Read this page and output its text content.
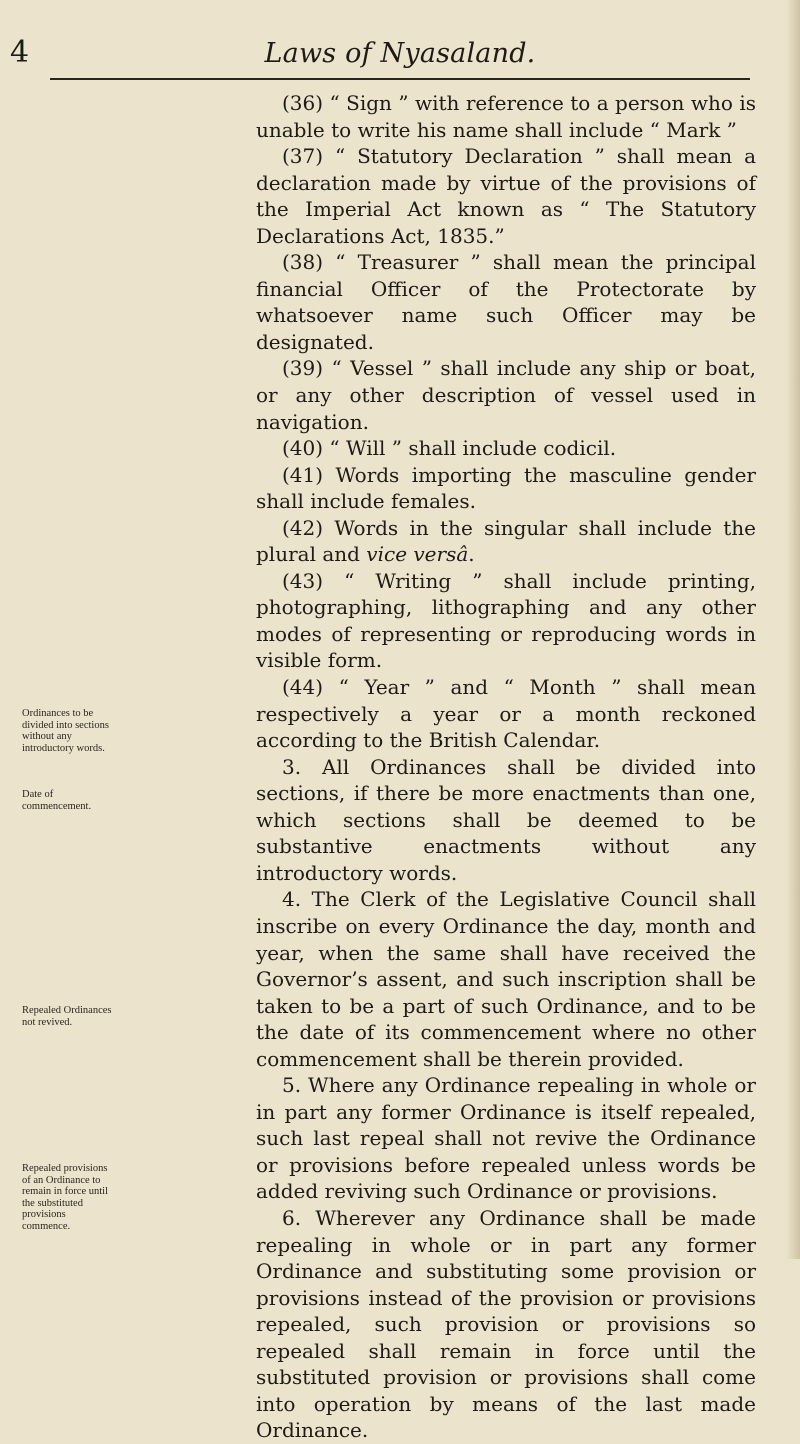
4	Laws of Nyasaland.

(36) “ Sign ” with reference to a person who is unable to write his name shall include “ Mark ”

(37) “ Statutory Declaration ” shall mean a declaration made by virtue of the provisions of the Imperial Act known as “ The Statutory Declarations Act, 1835.”

(38) “ Treasurer ” shall mean the principal financial Officer of the Protectorate by whatsoever name such Officer may be designated.

(39) “ Vessel ” shall include any ship or boat, or any other description of vessel used in navigation.

(40) “ Will ” shall include codicil.

(41) Words importing the masculine gender shall include females.

(42) Words in the singular shall include the plural and vice versâ.

(43) “ Writing ” shall include printing, photographing, lithographing and any other modes of representing or reproducing words in visible form.

(44) “ Year ” and “ Month ” shall mean respectively a year or a month reckoned according to the British Calendar.

3. All Ordinances shall be divided into sections, if there be more enactments than one, which sections shall be deemed to be substantive enactments without any introductory words.

4. The Clerk of the Legislative Council shall inscribe on every Ordinance the day, month and year, when the same shall have received the Governor’s assent, and such inscription shall be taken to be a part of such Ordinance, and to be the date of its commencement where no other commencement shall be therein provided.

5. Where any Ordinance repealing in whole or in part any former Ordinance is itself repealed, such last repeal shall not revive the Ordinance or provisions before repealed unless words be added reviving such Ordinance or provisions.

6. Wherever any Ordinance shall be made repealing in whole or in part any former Ordinance and substituting some provision or provisions instead of the provision or provisions repealed, such provision or provisions so repealed shall remain in force until the substituted provision or provisions shall come into operation by means of the last made Ordinance.

Ordinances to be divided into sections without any introductory words.
Date of commencement.
Repealed Ordinances not revived.
Repealed provisions of an Ordinance to remain in force until the substituted provisions commence.
